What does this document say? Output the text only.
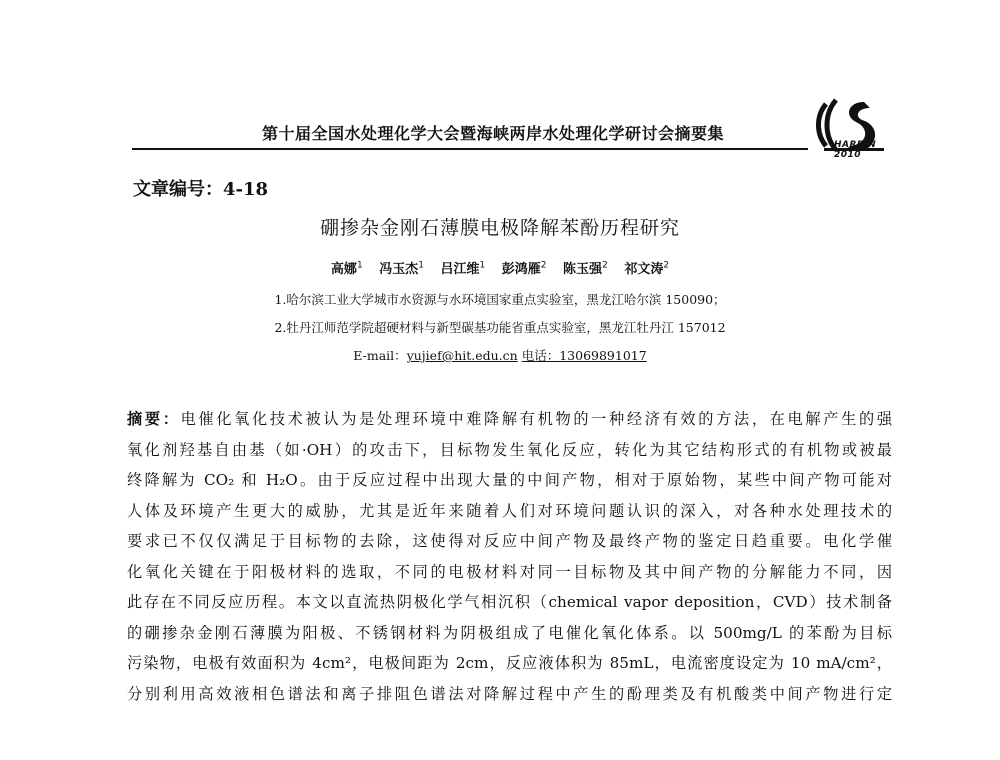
第十届全国水处理化学大会暨海峡两岸水处理化学研讨会摘要集
HARBIN 2010
文章编号：4-18
硼掺杂金刚石薄膜电极降解苯酚历程研究
高娜$^1$ 冯玉杰$^1$ 吕江维$^1$ 彭鸿雁$^2$ 陈玉强$^2$ 祁文涛$^2$
1.哈尔滨工业大学城市水资源与水环境国家重点实验室，黑龙江哈尔滨 150090；
2.牡丹江师范学院超硬材料与新型碳基功能省重点实验室，黑龙江牡丹江 157012
E-mail：yujief@hit.edu.cn 电话：13069891017
摘要：电催化氧化技术被认为是处理环境中难降解有机物的一种经济有效的方法，在电解产生的强
氧化剂羟基自由基（如·OH）的攻击下，目标物发生氧化反应，转化为其它结构形式的有机物或被最
终降解为 CO₂ 和 H₂O。由于反应过程中出现大量的中间产物，相对于原始物，某些中间产物可能对
人体及环境产生更大的威胁，尤其是近年来随着人们对环境问题认识的深入，对各种水处理技术的
要求已不仅仅满足于目标物的去除，这使得对反应中间产物及最终产物的鉴定日趋重要。电化学催
化氧化关键在于阳极材料的选取，不同的电极材料对同一目标物及其中间产物的分解能力不同，因
此存在不同反应历程。本文以直流热阴极化学气相沉积（chemical vapor deposition，CVD）技术制备
的硼掺杂金刚石薄膜为阳极、不锈钢材料为阴极组成了电催化氧化体系。以 500mg/L 的苯酚为目标
污染物，电极有效面积为 4cm²，电极间距为 2cm，反应液体积为 85mL，电流密度设定为 10 mA/cm²，
分别利用高效液相色谱法和离子排阻色谱法对降解过程中产生的酚理类及有机酸类中间产物进行定
